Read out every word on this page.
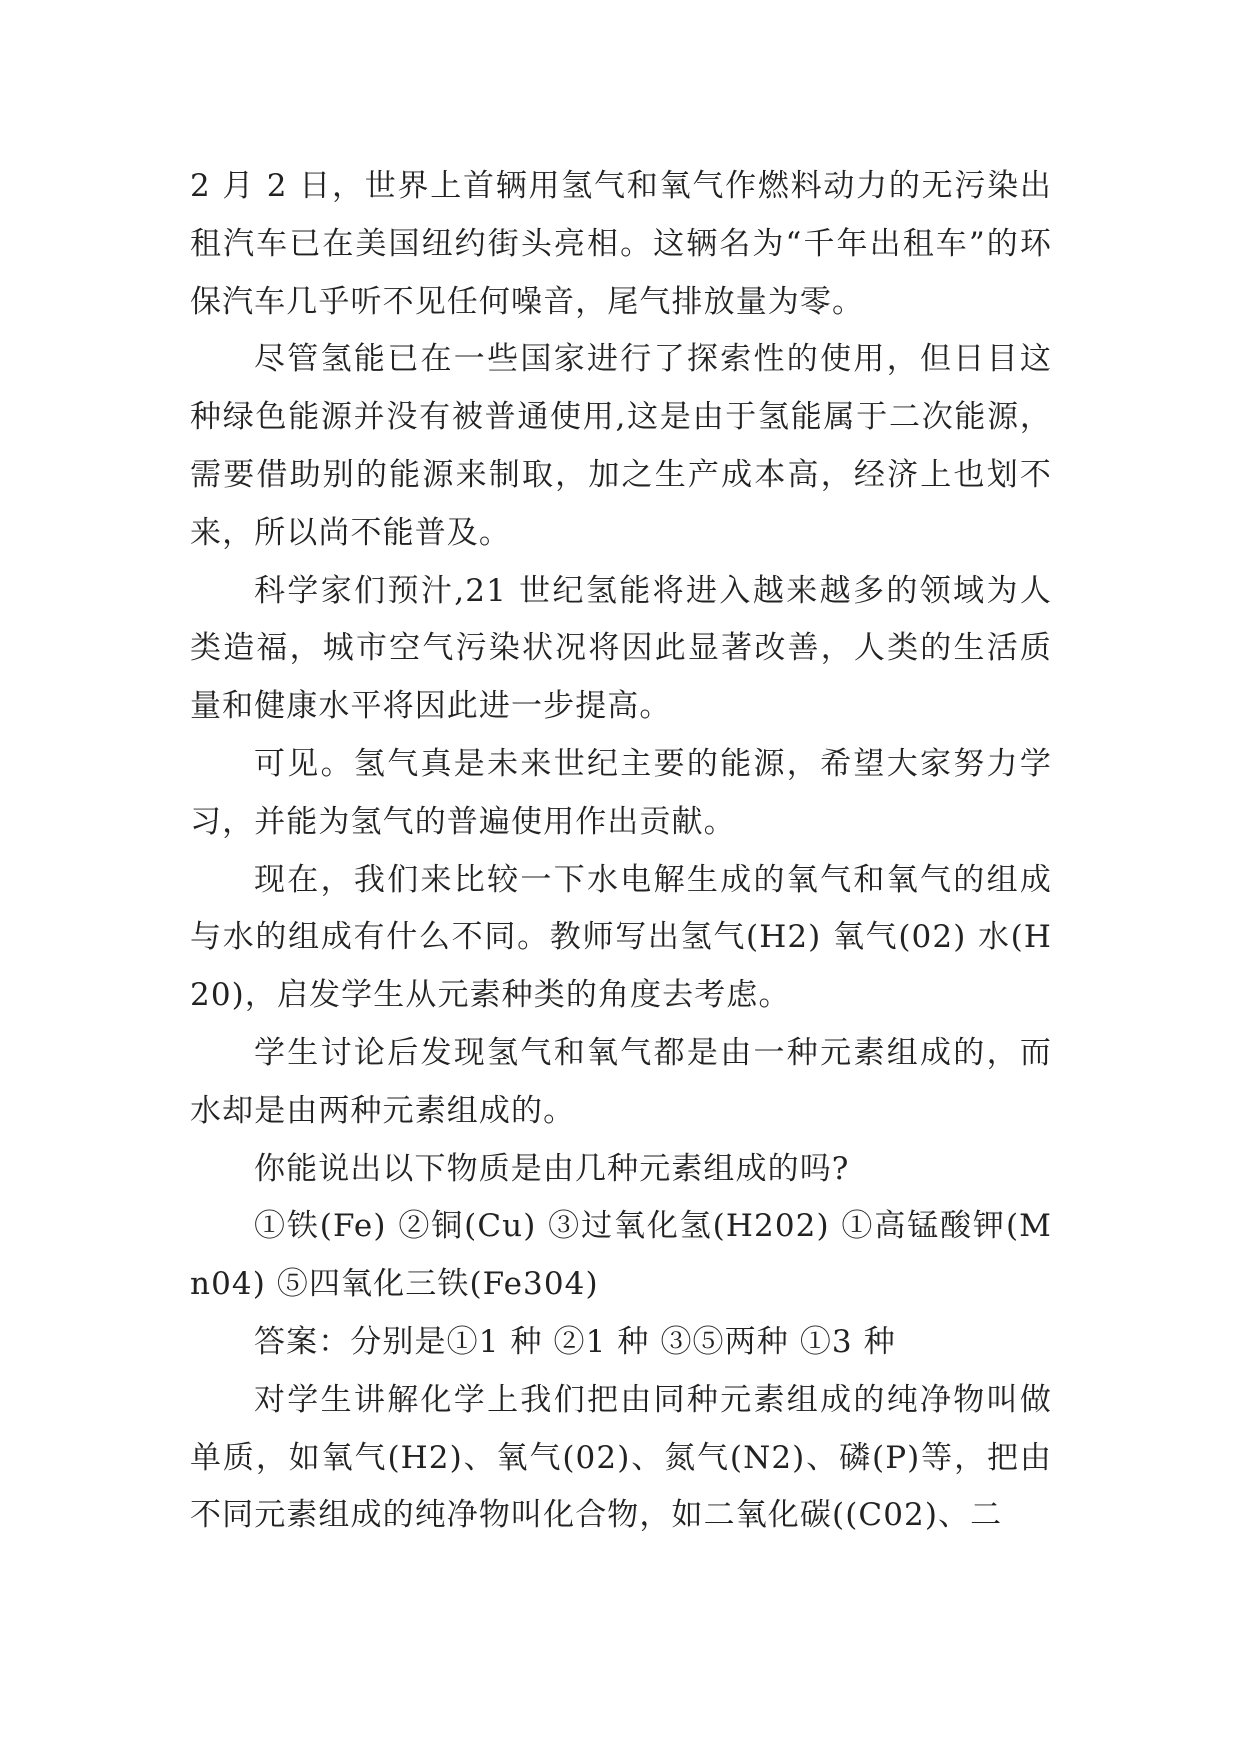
2 月 2 日，世界上首辆用氢气和氧气作燃料动力的无污染出租汽车已在美国纽约街头亮相。这辆名为“千年出租车”的环保汽车几乎听不见任何噪音，尾气排放量为零。

尽管氢能已在一些国家进行了探索性的使用，但日目这种绿色能源并没有被普通使用,这是由于氢能属于二次能源，需要借助别的能源来制取，加之生产成本高，经济上也划不来，所以尚不能普及。

科学家们预汁,21 世纪氢能将进入越来越多的领域为人类造福，城市空气污染状况将因此显著改善，人类的生活质量和健康水平将因此进一步提高。

可见。氢气真是未来世纪主要的能源，希望大家努力学习，并能为氢气的普遍使用作出贡献。

现在，我们来比较一下水电解生成的氧气和氧气的组成与水的组成有什么不同。教师写出氢气(H2) 氧气(02) 水(H20)，启发学生从元素种类的角度去考虑。

学生讨论后发现氢气和氧气都是由一种元素组成的，而水却是由两种元素组成的。

你能说出以下物质是由几种元素组成的吗?

①铁(Fe) ②铜(Cu) ③过氧化氢(H202) ①高锰酸钾(Mn04) ⑤四氧化三铁(Fe304)

答案：分别是①1 种 ②1 种 ③⑤两种 ①3 种

对学生讲解化学上我们把由同种元素组成的纯净物叫做单质，如氧气(H2)、氧气(02)、氮气(N2)、磷(P)等，把由不同元素组成的纯净物叫化合物，如二氧化碳((C02)、二
